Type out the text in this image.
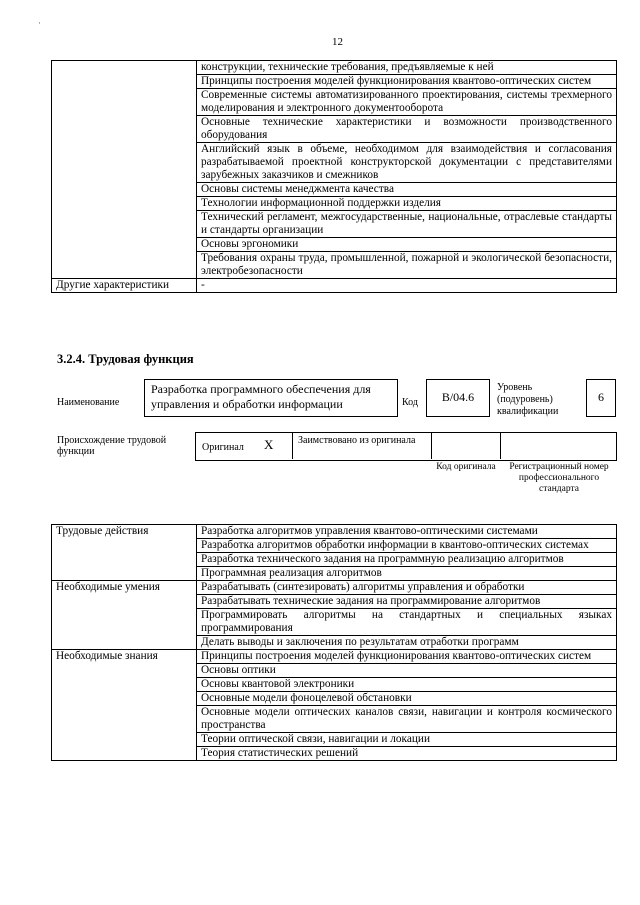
·
12
	конструкции, технические требования, предъявляемые к ней
	Принципы построения моделей функционирования квантово-оптических систем
	Современные системы автоматизированного проектирования, системы трехмерного моделирования и электронного документооборота
	Основные технические характеристики и возможности производственного оборудования
	Английский язык в объеме, необходимом для взаимодействия и согласования разрабатываемой проектной конструкторской документации с представителями зарубежных заказчиков и смежников
	Основы системы менеджмента качества
	Технологии информационной поддержки изделия
	Технический регламент, межгосударственные, национальные, отраслевые стандарты и стандарты организации
	Основы эргономики
	Требования охраны труда, промышленной, пожарной и экологической безопасности, электробезопасности
Другие характеристики	-
3.2.4. Трудовая функция
Наименование
Разработка программного обеспечения для управления и обработки информации	Код	B/04.6
Уровень (подуровень) квалификации
6
Происхождение трудовой функции	Оригинал X Заимствовано из оригинала
Код оригинала	Регистрационный номер профессионального стандарта
Трудовые действия	Разработка алгоритмов управления квантово-оптическими системами
	Разработка алгоритмов обработки информации в квантово-оптических системах
	Разработка технического задания на программную реализацию алгоритмов
	Программная реализация алгоритмов
Необходимые умения	Разрабатывать (синтезировать) алгоритмы управления и обработки
	Разрабатывать технические задания на программирование алгоритмов
	Программировать алгоритмы на стандартных и специальных языках программирования
	Делать выводы и заключения по результатам отработки программ
Необходимые знания	Принципы построения моделей функционирования квантово-оптических систем
	Основы оптики
	Основы квантовой электроники
	Основные модели фоноцелевой обстановки
	Основные модели оптических каналов связи, навигации и контроля космического пространства
	Теории оптической связи, навигации и локации
	Теория статистических решений
